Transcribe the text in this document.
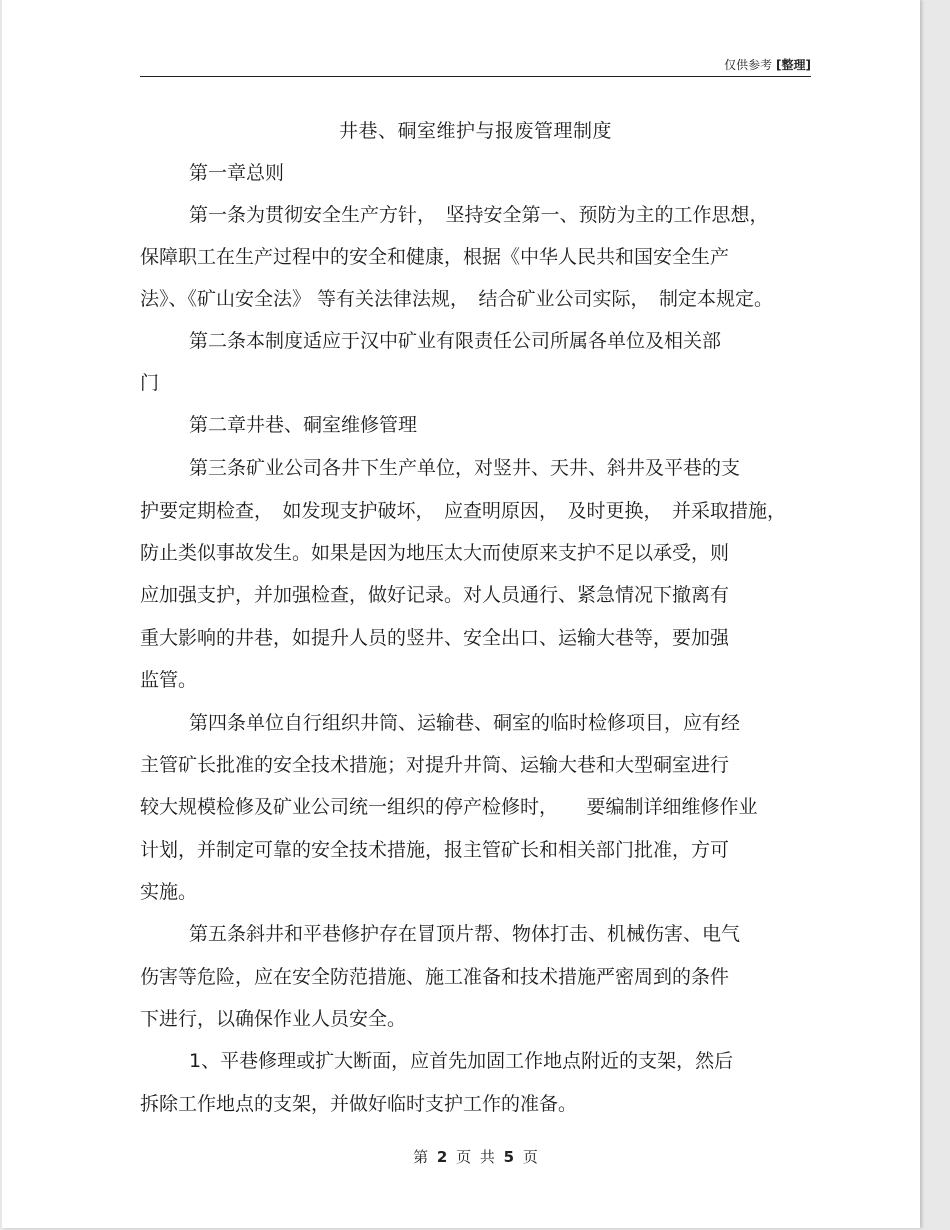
仅供参考 [整理]
井巷、硐室维护与报废管理制度
第一章总则
第一条为贯彻安全生产方针，　坚持安全第一、预防为主的工作思想，
保障职工在生产过程中的安全和健康，根据《中华人民共和国安全生产
法》、《矿山安全法》 等有关法律法规，　结合矿业公司实际，　制定本规定。
第二条本制度适应于汉中矿业有限责任公司所属各单位及相关部
门
第二章井巷、硐室维修管理
第三条矿业公司各井下生产单位，对竖井、天井、斜井及平巷的支
护要定期检查，　如发现支护破坏，　应查明原因，　及时更换，　并采取措施，
防止类似事故发生。如果是因为地压太大而使原来支护不足以承受，则
应加强支护，并加强检查，做好记录。对人员通行、紧急情况下撤离有
重大影响的井巷，如提升人员的竖井、安全出口、运输大巷等，要加强
监管。
第四条单位自行组织井筒、运输巷、硐室的临时检修项目，应有经
主管矿长批准的安全技术措施；对提升井筒、运输大巷和大型硐室进行
较大规模检修及矿业公司统一组织的停产检修时，　　要编制详细维修作业
计划，并制定可靠的安全技术措施，报主管矿长和相关部门批准，方可
实施。
第五条斜井和平巷修护存在冒顶片帮、物体打击、机械伤害、电气
伤害等危险，应在安全防范措施、施工准备和技术措施严密周到的条件
下进行，以确保作业人员安全。
1、平巷修理或扩大断面，应首先加固工作地点附近的支架，然后
拆除工作地点的支架，并做好临时支护工作的准备。
第 2 页 共 5 页
